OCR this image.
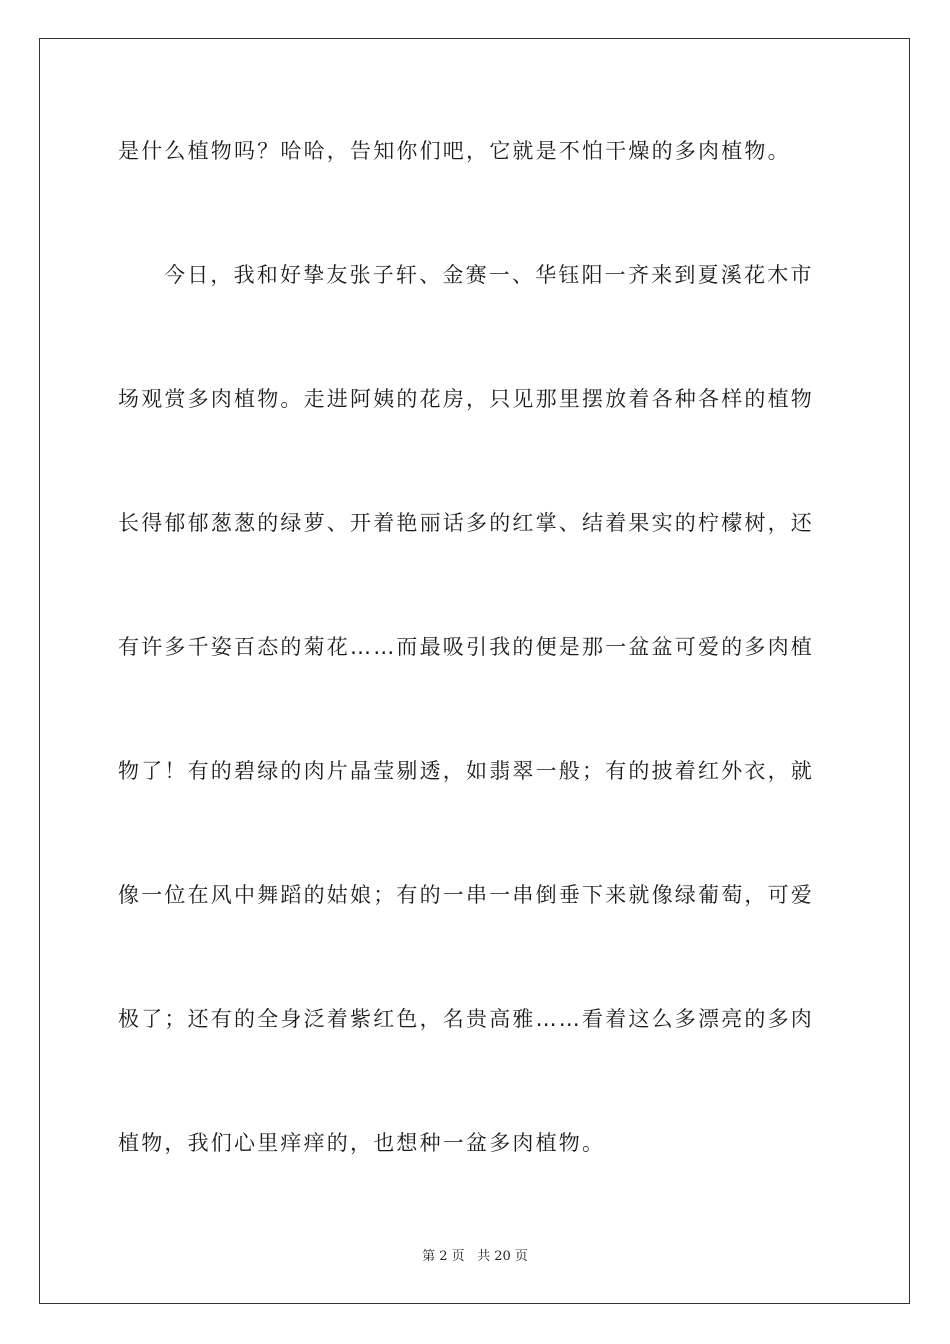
是什么植物吗？哈哈，告知你们吧，它就是不怕干燥的多肉植物。
今日，我和好挚友张子轩、金赛一、华钰阳一齐来到夏溪花木市
场观赏多肉植物。走进阿姨的花房，只见那里摆放着各种各样的植物
长得郁郁葱葱的绿萝、开着艳丽话多的红掌、结着果实的柠檬树，还
有许多千姿百态的菊花……而最吸引我的便是那一盆盆可爱的多肉植
物了！有的碧绿的肉片晶莹剔透，如翡翠一般；有的披着红外衣，就
像一位在风中舞蹈的姑娘；有的一串一串倒垂下来就像绿葡萄，可爱
极了；还有的全身泛着紫红色，名贵高雅……看着这么多漂亮的多肉
植物，我们心里痒痒的，也想种一盆多肉植物。
第 2 页 共 20 页
